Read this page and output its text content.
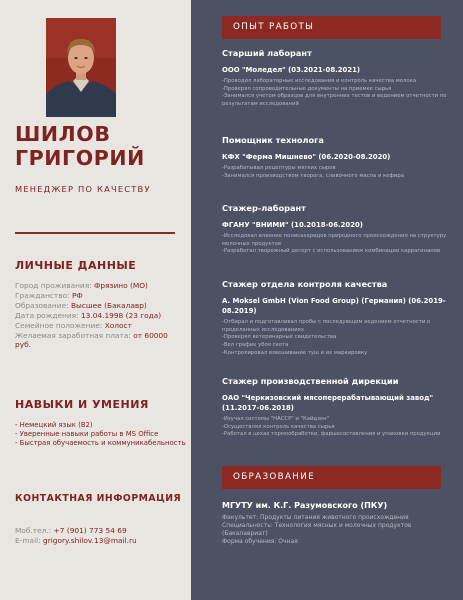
ШИЛОВ
ГРИГОРИЙ
МЕНЕДЖЕР ПО КАЧЕСТВУ
ЛИЧНЫЕ ДАННЫЕ
Город проживания: Фрязино (МО)
Гражданство: РФ
Образование: Высшее (Бакалавр)
Дата рождения: 13.04.1998 (23 года)
Семейное положение: Холост
Желаемая заработная плата: от 60000 руб.
НАВЫКИ И УМЕНИЯ
- Немецкий язык (В2)
- Уверенные навыки работы в MS Office
- Быстрая обучаемость и коммуникабельность
КОНТАКТНАЯ ИНФОРМАЦИЯ
Моб.тел.: +7 (901) 773 54 69
E-mail: grigory.shilov.13@mail.ru
ОПЫТ РАБОТЫ
Старший лаборант
ООО "Моледел" (03.2021-08.2021)
-Проводил лабораторные исследования и контроль качества молока
-Проверял сопроводительные документы на приемке сырья
-Занимался учетом образцов для внутренних тестов и ведением отчетности по результатам исследований
Помощник технолога
КФХ "Ферма Мишнево" (06.2020-08.2020)
-Разрабатывал рецептуры мягких сыров
-Занимался производством творога, сливочного масла и кефира
Стажер-лаборант
ФГАНУ "ВНИМИ" (10.2018-06.2020)
-Исследовал влияние полисахаридов природного происхождения на структуру молочных продуктов
-Разработал творожный десерт с использованием комбинации каррагинанов
Стажер отдела контроля качества
A. Moksel GmbH (Vion Food Group) (Германия) (06.2019-08.2019)
-Отбирал и подготавливал пробы с последующим ведением отчетности о проделанных исследованиях
-Проверял ветеринарные свидетельства
-Вел график убоя скота
-Контролировал взвешивание туш и их маркировку
Стажер производственной дирекции
ОАО "Черкизовский мясоперерабатывающий завод" (11.2017-06.2018)
-Изучал системы "HACCP" и "Кайдзен"
-Осуществлял контроль качества сырья
-Работал в цехах термообработки, фаршесоставления и упаковки продукции
ОБРАЗОВАНИЕ
МГУТУ им. К.Г. Разумовского (ПКУ)
Факультет: Продукты питания животного происхождения
Специальность: Технология мясных и молочных продуктов (Бакалавриат)
Форма обучения: Очная
